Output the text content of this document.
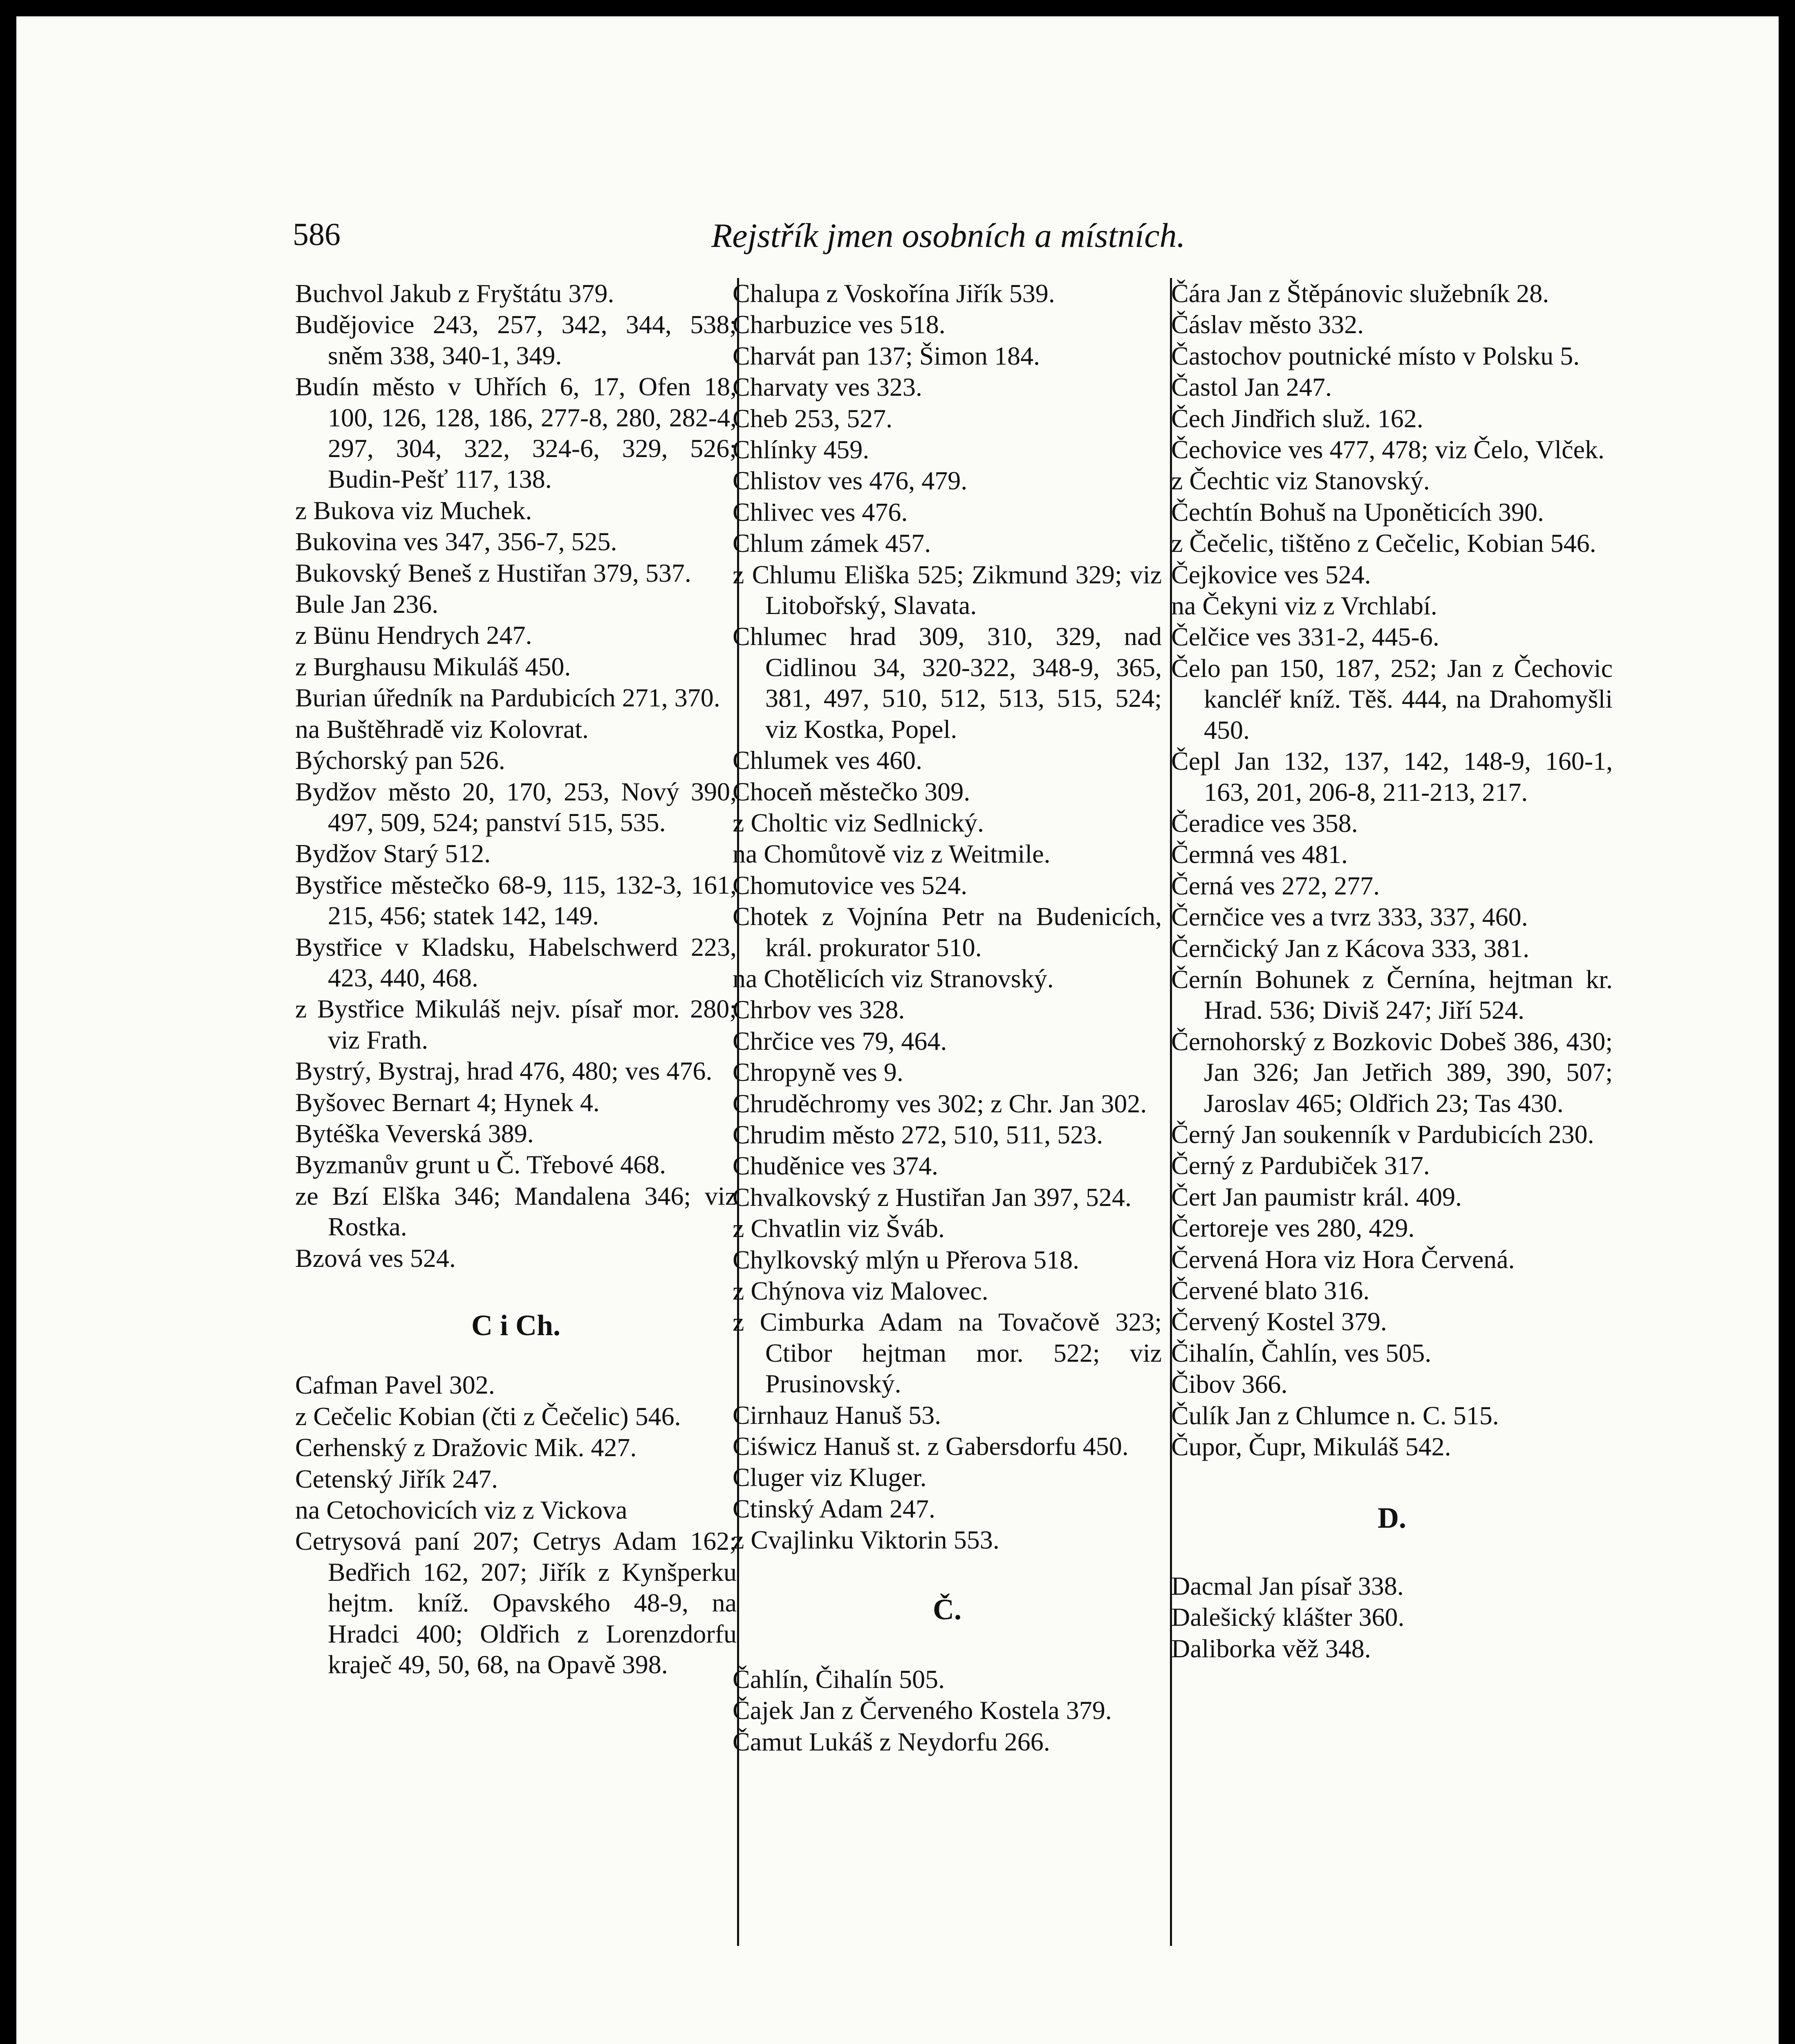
586	Rejstřík jmen osobních a místních.
Buchvol Jakub z Fryštátu 379.
Budějovice 243, 257, 342, 344, 538; sněm 338, 340-1, 349.
Budín město v Uhřích 6, 17, Ofen 18, 100, 126, 128, 186, 277-8, 280, 282-4, 297, 304, 322, 324-6, 329, 526; Budin-Pešť 117, 138.
z Bukova viz Muchek.
Bukovina ves 347, 356-7, 525.
Bukovský Beneš z Hustiřan 379, 537.
Bule Jan 236.
z Bünu Hendrych 247.
z Burghausu Mikuláš 450.
Burian úředník na Pardubicích 271, 370.
na Buštěhradě viz Kolovrat.
Býchorský pan 526.
Bydžov město 20, 170, 253, Nový 390, 497, 509, 524; panství 515, 535.
Bydžov Starý 512.
Bystřice městečko 68-9, 115, 132-3, 161, 215, 456; statek 142, 149.
Bystřice v Kladsku, Habelschwerd 223, 423, 440, 468.
z Bystřice Mikuláš nejv. písař mor. 280; viz Frath.
Bystrý, Bystraj, hrad 476, 480; ves 476.
Byšovec Bernart 4; Hynek 4.
Bytéška Veverská 389.
Byzmanův grunt u Č. Třebové 468.
ze Bzí Elška 346; Mandalena 346; viz Rostka.
Bzová ves 524.
C i Ch.
Cafman Pavel 302.
z Cečelic Kobian (čti z Čečelic) 546.
Cerhenský z Dražovic Mik. 427.
Cetenský Jiřík 247.
na Cetochovicích viz z Vickova
Cetrysová paní 207; Cetrys Adam 162; Bedřich 162, 207; Jiřík z Kynšperku hejtm. kníž. Opavského 48-9, na Hradci 400; Oldřich z Lorenzdorfu kraječ 49, 50, 68, na Opavě 398.
Chalupa z Voskořína Jiřík 539.
Charbuzice ves 518.
Charvát pan 137; Šimon 184.
Charvaty ves 323.
Cheb 253, 527.
Chlínky 459.
Chlistov ves 476, 479.
Chlivec ves 476.
Chlum zámek 457.
z Chlumu Eliška 525; Zikmund 329; viz Litobořský, Slavata.
Chlumec hrad 309, 310, 329, nad Cidlinou 34, 320-322, 348-9, 365, 381, 497, 510, 512, 513, 515, 524; viz Kostka, Popel.
Chlumek ves 460.
Choceň městečko 309.
z Choltic viz Sedlnický.
na Chomůtově viz z Weitmile.
Chomutovice ves 524.
Chotek z Vojnína Petr na Budenicích, král. prokurator 510.
na Chotělicích viz Stranovský.
Chrbov ves 328.
Chrčice ves 79, 464.
Chropyně ves 9.
Chruděchromy ves 302; z Chr. Jan 302.
Chrudim město 272, 510, 511, 523.
Chuděnice ves 374.
Chvalkovský z Hustiřan Jan 397, 524.
z Chvatlin viz Šváb.
Chylkovský mlýn u Přerova 518.
z Chýnova viz Malovec.
z Cimburka Adam na Tovačově 323; Ctibor hejtman mor. 522; viz Prusinovský.
Cirnhauz Hanuš 53.
Ciświcz Hanuš st. z Gabersdorfu 450.
Cluger viz Kluger.
Ctinský Adam 247.
z Cvajlinku Viktorin 553.
Č.
Čahlín, Čihalín 505.
Čajek Jan z Červeného Kostela 379.
Čamut Lukáš z Neydorfu 266.
Čára Jan z Štěpánovic služebník 28.
Čáslav město 332.
Častochov poutnické místo v Polsku 5.
Častol Jan 247.
Čech Jindřich služ. 162.
Čechovice ves 477, 478; viz Čelo, Vlček.
z Čechtic viz Stanovský.
Čechtín Bohuš na Uponěticích 390.
z Čečelic, tištěno z Cečelic, Kobian 546.
Čejkovice ves 524.
na Čekyni viz z Vrchlabí.
Čelčice ves 331-2, 445-6.
Čelo pan 150, 187, 252; Jan z Čechovic kancléř kníž. Těš. 444, na Drahomyšli 450.
Čepl Jan 132, 137, 142, 148-9, 160-1, 163, 201, 206-8, 211-213, 217.
Čeradice ves 358.
Čermná ves 481.
Černá ves 272, 277.
Černčice ves a tvrz 333, 337, 460.
Černčický Jan z Kácova 333, 381.
Černín Bohunek z Černína, hejtman kr. Hrad. 536; Diviš 247; Jiří 524.
Černohorský z Bozkovic Dobeš 386, 430; Jan 326; Jan Jetřich 389, 390, 507; Jaroslav 465; Oldřich 23; Tas 430.
Černý Jan soukenník v Pardubicích 230.
Černý z Pardubiček 317.
Čert Jan paumistr král. 409.
Čertoreje ves 280, 429.
Červená Hora viz Hora Červená.
Červené blato 316.
Červený Kostel 379.
Čihalín, Čahlín, ves 505.
Čibov 366.
Čulík Jan z Chlumce n. C. 515.
Čupor, Čupr, Mikuláš 542.
D.
Dacmal Jan písař 338.
Dalešický klášter 360.
Daliborka věž 348.
